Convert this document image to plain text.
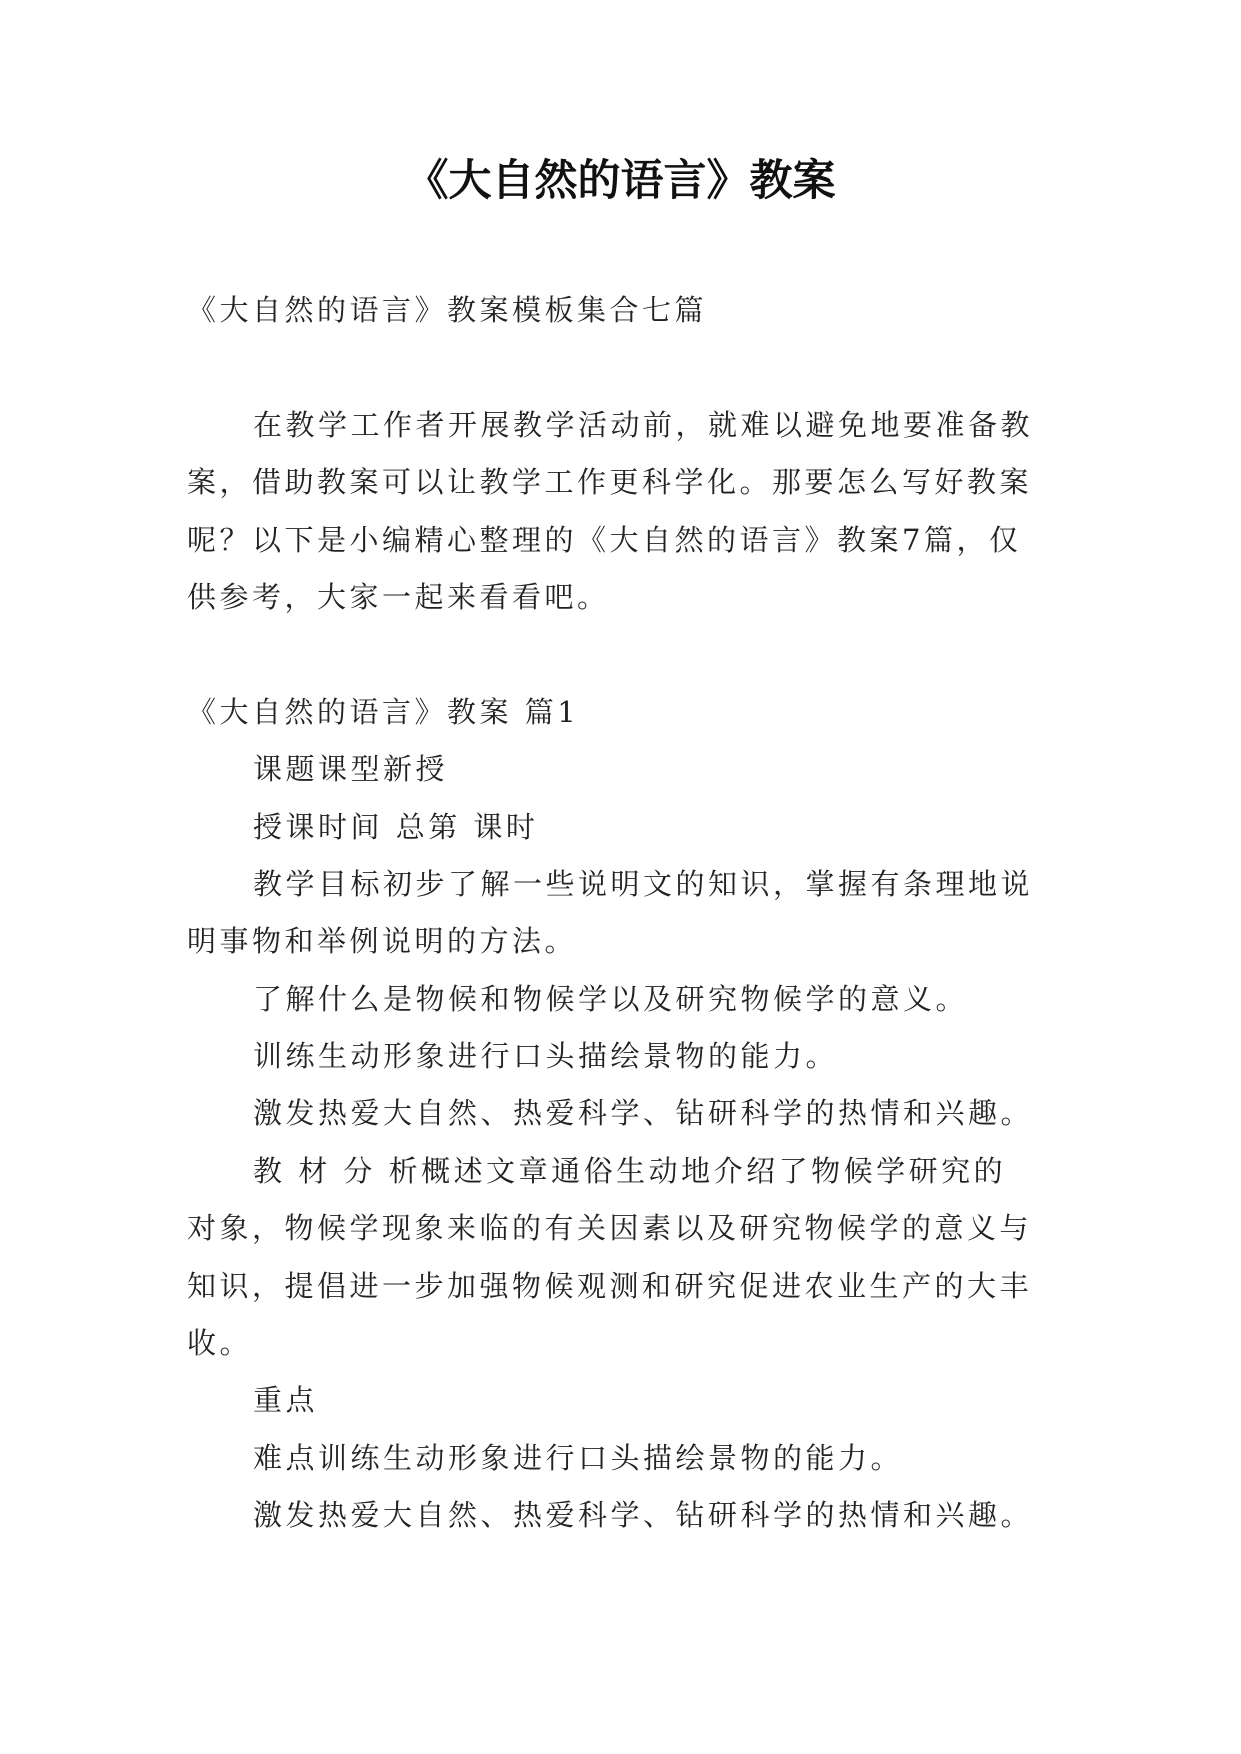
《大自然的语言》教案
《大自然的语言》教案模板集合七篇
在教学工作者开展教学活动前，就难以避免地要准备教
案，借助教案可以让教学工作更科学化。那要怎么写好教案
呢？以下是小编精心整理的《大自然的语言》教案7篇，仅
供参考，大家一起来看看吧。
《大自然的语言》教案 篇1
课题课型新授
授课时间 总第 课时
教学目标初步了解一些说明文的知识，掌握有条理地说
明事物和举例说明的方法。
了解什么是物候和物候学以及研究物候学的意义。
训练生动形象进行口头描绘景物的能力。
激发热爱大自然、热爱科学、钻研科学的热情和兴趣。
教 材 分 析概述文章通俗生动地介绍了物候学研究的
对象，物候学现象来临的有关因素以及研究物候学的意义与
知识，提倡进一步加强物候观测和研究促进农业生产的大丰
收。
重点
难点训练生动形象进行口头描绘景物的能力。
激发热爱大自然、热爱科学、钻研科学的热情和兴趣。
